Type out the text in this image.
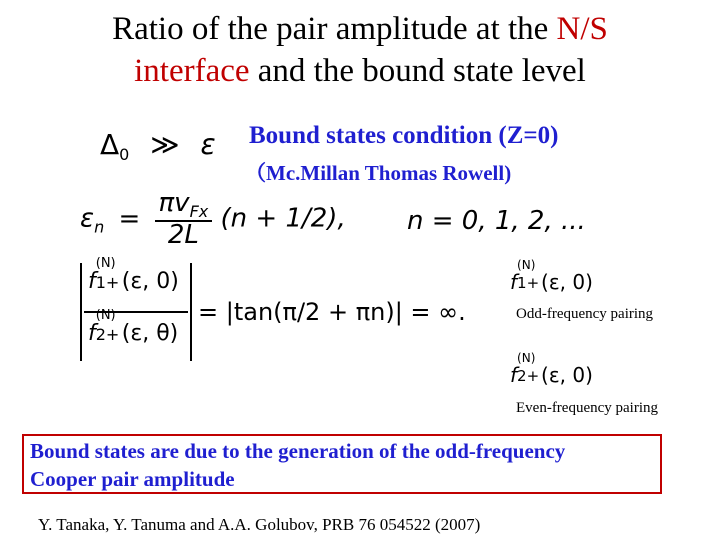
Ratio of the pair amplitude at the N/S
interface and the bound state level
$\Delta_0$ ≫ ε Bound states condition (Z=0)
（Mc.Millan Thomas Rowell)
$\varepsilon_n = \frac{\pi v_{Fx}}{2L} (n + 1/2)$, n = 0, 1, 2, ...
f
(N)
1+ (ε, 0)
f
(N)
2+ (ε, θ)
= |tan(π/2 + πn)| = ∞.
f
(N)
1+ (ε, 0)
Odd-frequency pairing
f
(N)
2+ (ε, 0)
Even-frequency pairing
Bound states are due to the generation of the odd-frequency
Cooper pair amplitude
Y. Tanaka, Y. Tanuma and A.A. Golubov, PRB 76 054522 (2007)
